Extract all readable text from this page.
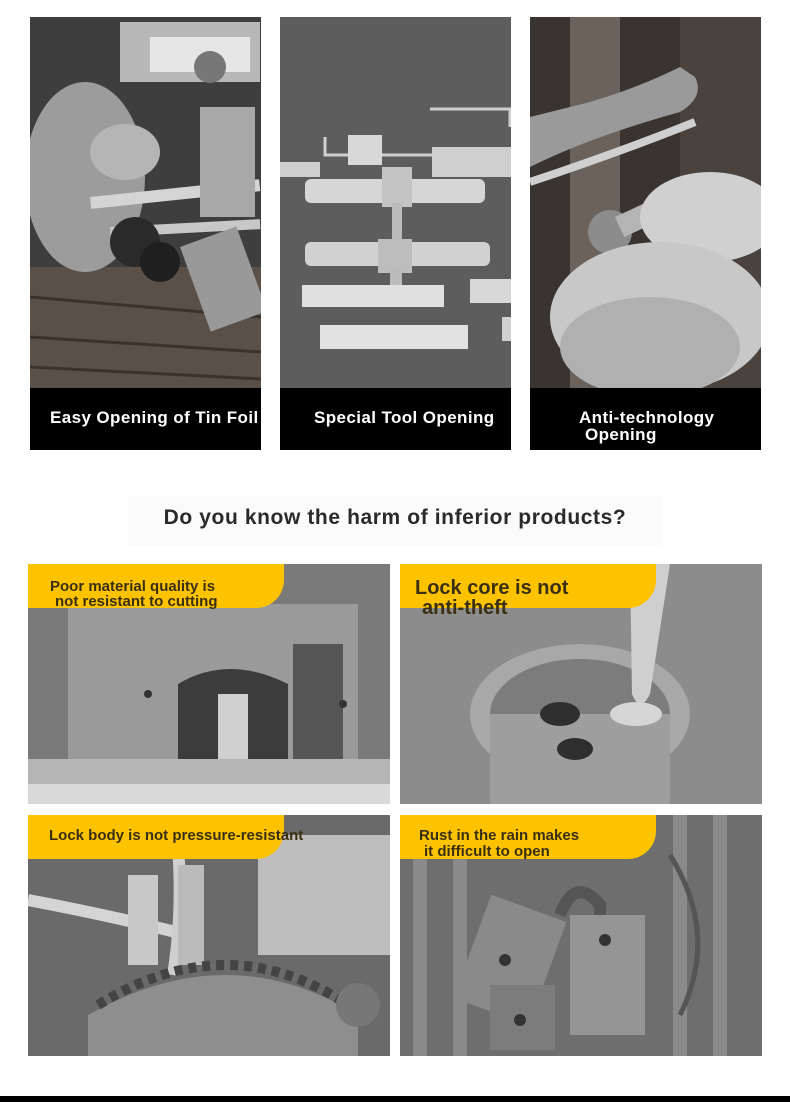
Easy Opening of Tin Foil	Special Tool Opening	Anti-technology
Opening
Do you know the harm of inferior products?
Poor material quality is
not resistant to cutting
Lock core is not
anti-theft
Lock body is not pressure-resistant	Rust in the rain makes
it difficult to open
